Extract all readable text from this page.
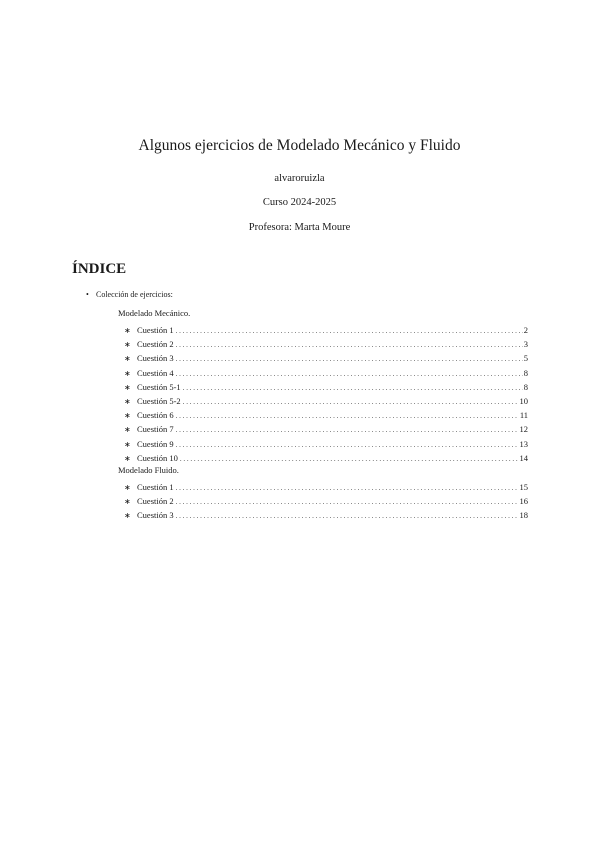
Algunos ejercicios de Modelado Mecánico y Fluido
alvaroruizla
Curso 2024-2025
Profesora: Marta Moure
ÍNDICE
• Colección de ejercicios:
Modelado Mecánico.
∗ Cuestión 1 . . .	2
∗ Cuestión 2 . . .	3
∗ Cuestión 3 . . .	5
∗ Cuestión 4 . . .	8
∗ Cuestión 5-1 . . .	8
∗ Cuestión 5-2 . . .	10
∗ Cuestión 6 . . .	11
∗ Cuestión 7 . . .	12
∗ Cuestión 9 . . .	13
∗ Cuestión 10 . . .	14
Modelado Fluido.
∗ Cuestión 1 . . .	15
∗ Cuestión 2 . . .	16
∗ Cuestión 3 . . .	18
